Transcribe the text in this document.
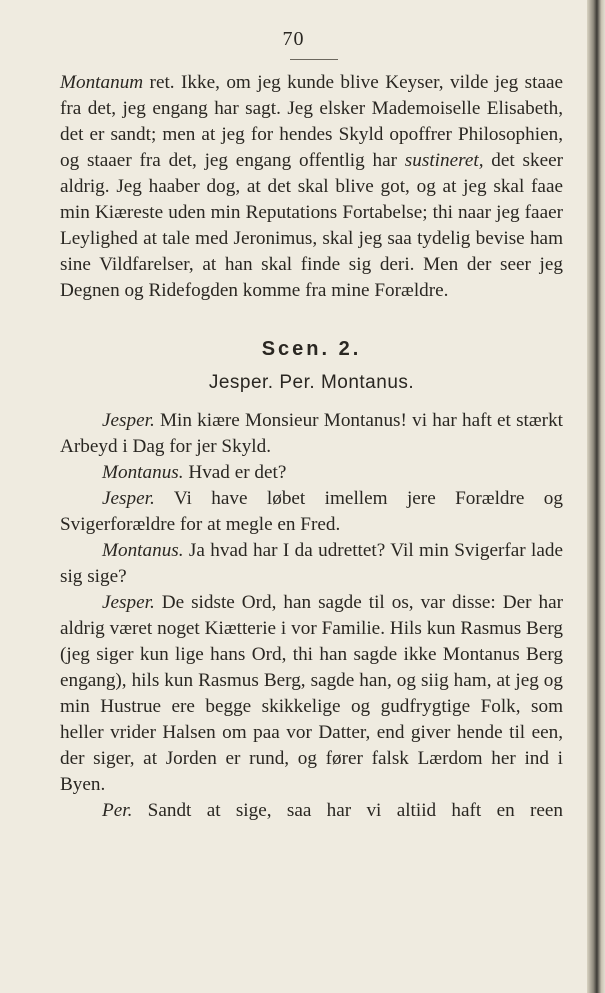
70

Montanum ret. Ikke, om jeg kunde blive Keyser, vilde jeg staae fra det, jeg engang har sagt. Jeg elsker Mademoiselle Elisabeth, det er sandt; men at jeg for hendes Skyld opoffrer Philosophien, og staaer fra det, jeg engang offentlig har sustineret, det skeer aldrig. Jeg haaber dog, at det skal blive got, og at jeg skal faae min Kiæreste uden min Reputations Fortabelse; thi naar jeg faaer Leylighed at tale med Jeronimus, skal jeg saa tydelig bevise ham sine Vildfarelser, at han skal finde sig deri. Men der seer jeg Degnen og Ridefogden komme fra mine Forældre.

Scen. 2.
Jesper. Per. Montanus.

Jesper. Min kiære Monsieur Montanus! vi har haft et stærkt Arbeyd i Dag for jer Skyld.

Montanus. Hvad er det?

Jesper. Vi have løbet imellem jere Forældre og Svigerforældre for at megle en Fred.

Montanus. Ja hvad har I da udrettet? Vil min Svigerfar lade sig sige?

Jesper. De sidste Ord, han sagde til os, var disse: Der har aldrig været noget Kiætterie i vor Familie. Hils kun Rasmus Berg (jeg siger kun lige hans Ord, thi han sagde ikke Montanus Berg engang), hils kun Rasmus Berg, sagde han, og siig ham, at jeg og min Hustrue ere begge skikkelige og gudfrygtige Folk, som heller vrider Halsen om paa vor Datter, end giver hende til een, der siger, at Jorden er rund, og fører falsk Lærdom her ind i Byen.

Per. Sandt at sige, saa har vi altiid haft en reen
